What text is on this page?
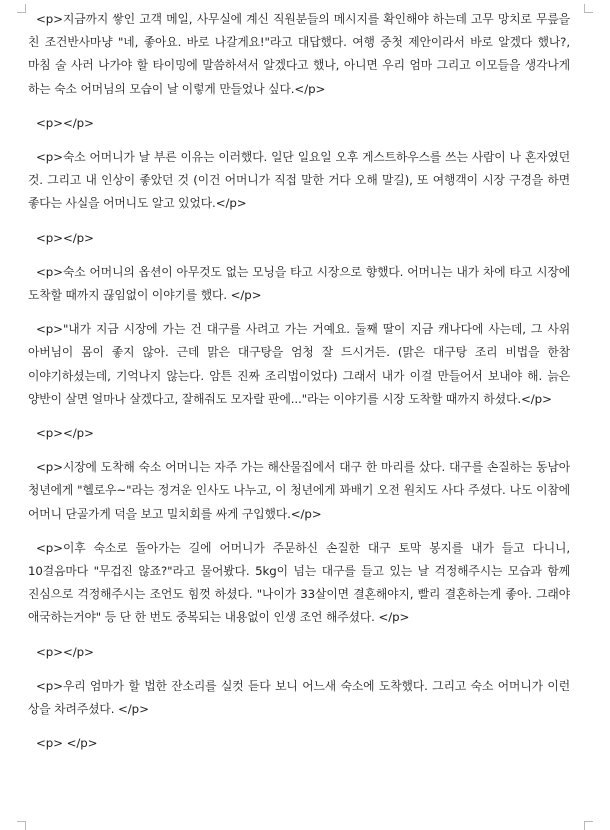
<p>지금까지 쌓인 고객 메일, 사무실에 계신 직원분들의 메시지를 확인해야 하는데 고무 망치로 무릎을 친 조건반사마냥 "네, 좋아요. 바로 나갈게요!"라고 대답했다. 여행 중첫 제안이라서 바로 알겠다 했나?, 마침 술 사러 나가야 할 타이밍에 말씀하셔서 알겠다고 했나, 아니면 우리 엄마 그리고 이모들을 생각나게 하는 숙소 어머님의 모습이 날 이렇게 만들었나 싶다.</p>

<p></p>

<p>숙소 어머니가 날 부른 이유는 이러했다. 일단 일요일 오후 게스트하우스를 쓰는 사람이 나 혼자였던 것. 그리고 내 인상이 좋았던 것 (이건 어머니가 직접 말한 거다 오해 말길), 또 여행객이 시장 구경을 하면 좋다는 사실을 어머니도 알고 있었다.</p>

<p></p>

<p>숙소 어머니의 옵션이 아무것도 없는 모닝을 타고 시장으로 향했다. 어머니는 내가 차에 타고 시장에 도착할 때까지 끊임없이 이야기를 했다. </p>

<p>"내가 지금 시장에 가는 건 대구를 사려고 가는 거예요. 둘째 딸이 지금 캐나다에 사는데, 그 사위 아버님이 몸이 좋지 않아. 근데 맑은 대구탕을 엄청 잘 드시거든. (맑은 대구탕 조리 비법을 한참 이야기하셨는데, 기억나지 않는다. 암튼 진짜 조리법이었다) 그래서 내가 이걸 만들어서 보내야 해. 늙은 양반이 살면 얼마나 살겠다고, 잘해줘도 모자랄 판에..."라는 이야기를 시장 도착할 때까지 하셨다.</p>

<p></p>

<p>시장에 도착해 숙소 어머니는 자주 가는 해산물집에서 대구 한 마리를 샀다. 대구를 손질하는 동남아 청년에게 "헬로우~"라는 정겨운 인사도 나누고, 이 청년에게 꽈배기 오전 원치도 사다 주셨다. 나도 이참에 어머니 단골가게 덕을 보고 밀치회를 싸게 구입했다.</p>

<p>이후 숙소로 돌아가는 길에 어머니가 주문하신 손질한 대구 토막 봉지를 내가 들고 다니니, 10걸음마다 "무겁진 않죠?"라고 물어봤다. 5kg이 넘는 대구를 들고 있는 날 걱정해주시는 모습과 함께 진심으로 걱정해주시는 조언도 힘껏 하셨다. "나이가 33살이면 결혼해야지, 빨리 결혼하는게 좋아. 그래야 애국하는거야" 등 단 한 번도 중복되는 내용없이 인생 조언 해주셨다. </p>

<p></p>

<p>우리 엄마가 할 법한 잔소리를 실컷 듣다 보니 어느새 숙소에 도착했다. 그리고 숙소 어머니가 이런 상을 차려주셨다. </p>

<p> </p>
